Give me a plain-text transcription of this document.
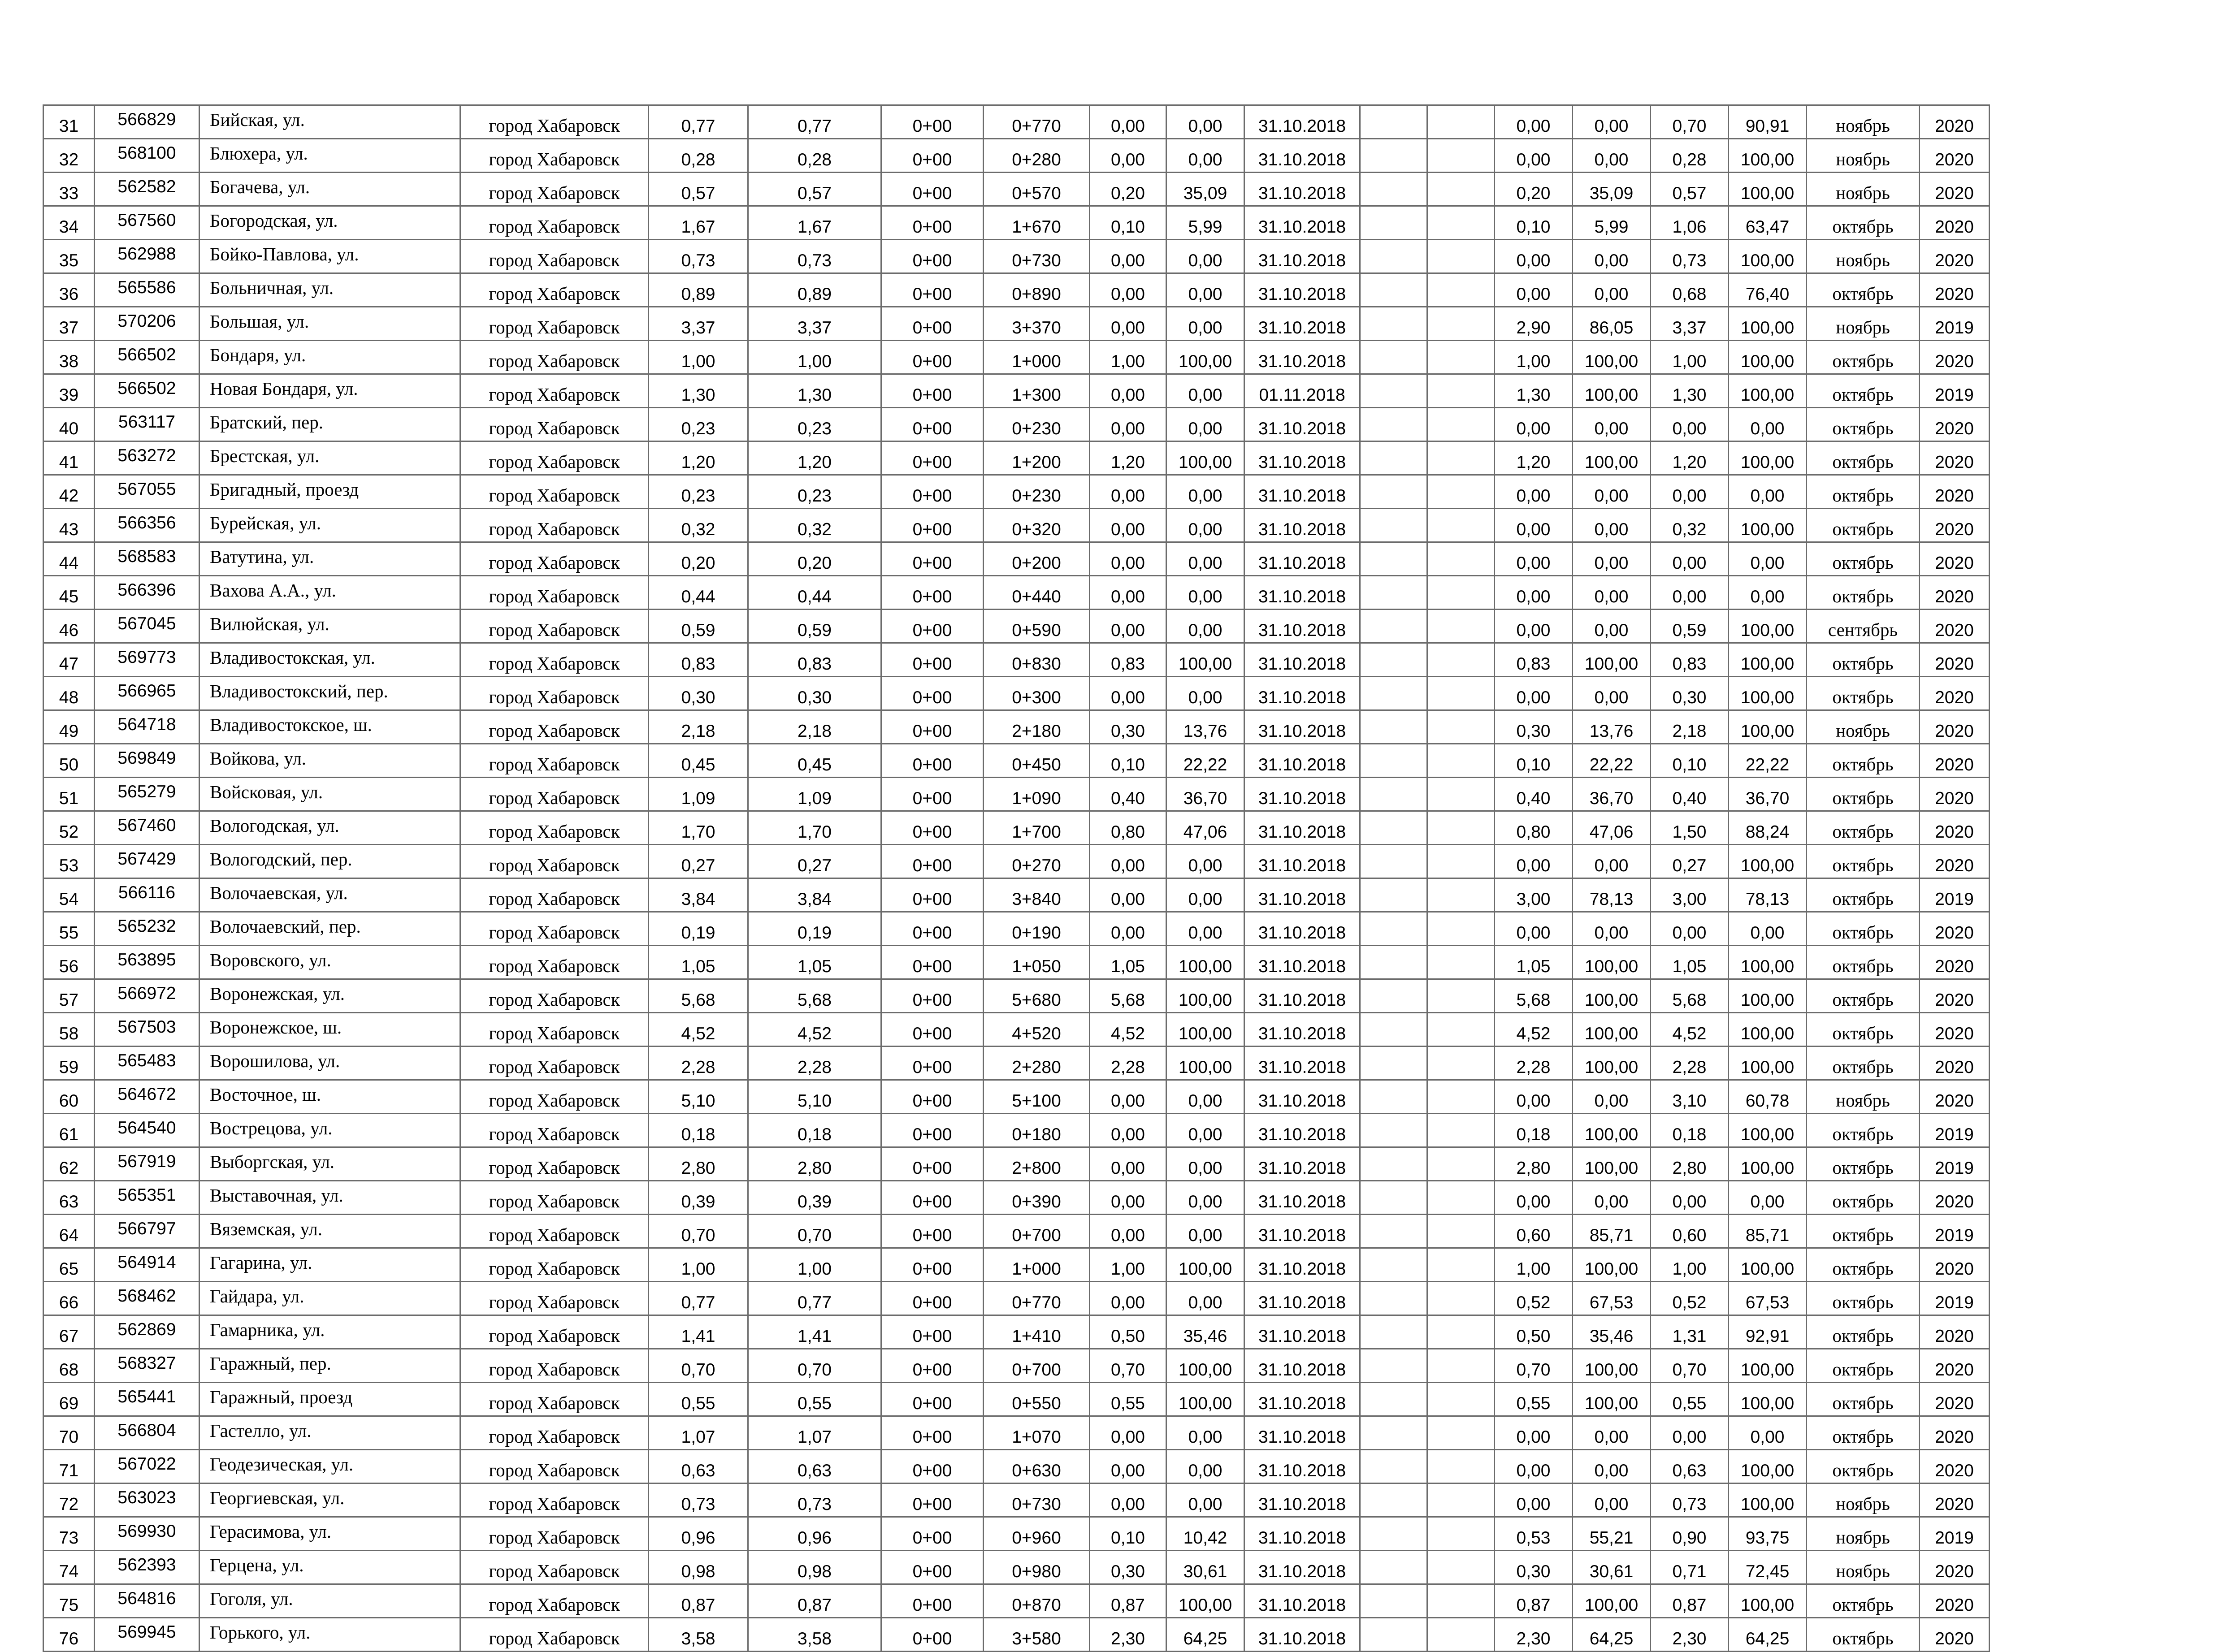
31	566829	Бийская, ул.	город Хабаровск	0,77	0,77	0+00	0+770	0,00	0,00	31.10.2018			0,00	0,00	0,70	90,91	ноябрь	2020
32	568100	Блюхера, ул.	город Хабаровск	0,28	0,28	0+00	0+280	0,00	0,00	31.10.2018			0,00	0,00	0,28	100,00	ноябрь	2020
33	562582	Богачева, ул.	город Хабаровск	0,57	0,57	0+00	0+570	0,20	35,09	31.10.2018			0,20	35,09	0,57	100,00	ноябрь	2020
34	567560	Богородская, ул.	город Хабаровск	1,67	1,67	0+00	1+670	0,10	5,99	31.10.2018			0,10	5,99	1,06	63,47	октябрь	2020
35	562988	Бойко-Павлова, ул.	город Хабаровск	0,73	0,73	0+00	0+730	0,00	0,00	31.10.2018			0,00	0,00	0,73	100,00	ноябрь	2020
36	565586	Больничная, ул.	город Хабаровск	0,89	0,89	0+00	0+890	0,00	0,00	31.10.2018			0,00	0,00	0,68	76,40	октябрь	2020
37	570206	Большая, ул.	город Хабаровск	3,37	3,37	0+00	3+370	0,00	0,00	31.10.2018			2,90	86,05	3,37	100,00	ноябрь	2019
38	566502	Бондаря, ул.	город Хабаровск	1,00	1,00	0+00	1+000	1,00	100,00	31.10.2018			1,00	100,00	1,00	100,00	октябрь	2020
39	566502	Новая Бондаря, ул.	город Хабаровск	1,30	1,30	0+00	1+300	0,00	0,00	01.11.2018			1,30	100,00	1,30	100,00	октябрь	2019
40	563117	Братский, пер.	город Хабаровск	0,23	0,23	0+00	0+230	0,00	0,00	31.10.2018			0,00	0,00	0,00	0,00	октябрь	2020
41	563272	Брестская, ул.	город Хабаровск	1,20	1,20	0+00	1+200	1,20	100,00	31.10.2018			1,20	100,00	1,20	100,00	октябрь	2020
42	567055	Бригадный, проезд	город Хабаровск	0,23	0,23	0+00	0+230	0,00	0,00	31.10.2018			0,00	0,00	0,00	0,00	октябрь	2020
43	566356	Бурейская, ул.	город Хабаровск	0,32	0,32	0+00	0+320	0,00	0,00	31.10.2018			0,00	0,00	0,32	100,00	октябрь	2020
44	568583	Ватутина, ул.	город Хабаровск	0,20	0,20	0+00	0+200	0,00	0,00	31.10.2018			0,00	0,00	0,00	0,00	октябрь	2020
45	566396	Вахова А.А., ул.	город Хабаровск	0,44	0,44	0+00	0+440	0,00	0,00	31.10.2018			0,00	0,00	0,00	0,00	октябрь	2020
46	567045	Вилюйская, ул.	город Хабаровск	0,59	0,59	0+00	0+590	0,00	0,00	31.10.2018			0,00	0,00	0,59	100,00	сентябрь	2020
47	569773	Владивостокская, ул.	город Хабаровск	0,83	0,83	0+00	0+830	0,83	100,00	31.10.2018			0,83	100,00	0,83	100,00	октябрь	2020
48	566965	Владивостокский, пер.	город Хабаровск	0,30	0,30	0+00	0+300	0,00	0,00	31.10.2018			0,00	0,00	0,30	100,00	октябрь	2020
49	564718	Владивостокское, ш.	город Хабаровск	2,18	2,18	0+00	2+180	0,30	13,76	31.10.2018			0,30	13,76	2,18	100,00	ноябрь	2020
50	569849	Войкова, ул.	город Хабаровск	0,45	0,45	0+00	0+450	0,10	22,22	31.10.2018			0,10	22,22	0,10	22,22	октябрь	2020
51	565279	Войсковая, ул.	город Хабаровск	1,09	1,09	0+00	1+090	0,40	36,70	31.10.2018			0,40	36,70	0,40	36,70	октябрь	2020
52	567460	Вологодская, ул.	город Хабаровск	1,70	1,70	0+00	1+700	0,80	47,06	31.10.2018			0,80	47,06	1,50	88,24	октябрь	2020
53	567429	Вологодский, пер.	город Хабаровск	0,27	0,27	0+00	0+270	0,00	0,00	31.10.2018			0,00	0,00	0,27	100,00	октябрь	2020
54	566116	Волочаевская, ул.	город Хабаровск	3,84	3,84	0+00	3+840	0,00	0,00	31.10.2018			3,00	78,13	3,00	78,13	октябрь	2019
55	565232	Волочаевский, пер.	город Хабаровск	0,19	0,19	0+00	0+190	0,00	0,00	31.10.2018			0,00	0,00	0,00	0,00	октябрь	2020
56	563895	Воровского, ул.	город Хабаровск	1,05	1,05	0+00	1+050	1,05	100,00	31.10.2018			1,05	100,00	1,05	100,00	октябрь	2020
57	566972	Воронежская, ул.	город Хабаровск	5,68	5,68	0+00	5+680	5,68	100,00	31.10.2018			5,68	100,00	5,68	100,00	октябрь	2020
58	567503	Воронежское, ш.	город Хабаровск	4,52	4,52	0+00	4+520	4,52	100,00	31.10.2018			4,52	100,00	4,52	100,00	октябрь	2020
59	565483	Ворошилова, ул.	город Хабаровск	2,28	2,28	0+00	2+280	2,28	100,00	31.10.2018			2,28	100,00	2,28	100,00	октябрь	2020
60	564672	Восточное, ш.	город Хабаровск	5,10	5,10	0+00	5+100	0,00	0,00	31.10.2018			0,00	0,00	3,10	60,78	ноябрь	2020
61	564540	Вострецова, ул.	город Хабаровск	0,18	0,18	0+00	0+180	0,00	0,00	31.10.2018			0,18	100,00	0,18	100,00	октябрь	2019
62	567919	Выборгская, ул.	город Хабаровск	2,80	2,80	0+00	2+800	0,00	0,00	31.10.2018			2,80	100,00	2,80	100,00	октябрь	2019
63	565351	Выставочная, ул.	город Хабаровск	0,39	0,39	0+00	0+390	0,00	0,00	31.10.2018			0,00	0,00	0,00	0,00	октябрь	2020
64	566797	Вяземская, ул.	город Хабаровск	0,70	0,70	0+00	0+700	0,00	0,00	31.10.2018			0,60	85,71	0,60	85,71	октябрь	2019
65	564914	Гагарина, ул.	город Хабаровск	1,00	1,00	0+00	1+000	1,00	100,00	31.10.2018			1,00	100,00	1,00	100,00	октябрь	2020
66	568462	Гайдара, ул.	город Хабаровск	0,77	0,77	0+00	0+770	0,00	0,00	31.10.2018			0,52	67,53	0,52	67,53	октябрь	2019
67	562869	Гамарника, ул.	город Хабаровск	1,41	1,41	0+00	1+410	0,50	35,46	31.10.2018			0,50	35,46	1,31	92,91	октябрь	2020
68	568327	Гаражный, пер.	город Хабаровск	0,70	0,70	0+00	0+700	0,70	100,00	31.10.2018			0,70	100,00	0,70	100,00	октябрь	2020
69	565441	Гаражный, проезд	город Хабаровск	0,55	0,55	0+00	0+550	0,55	100,00	31.10.2018			0,55	100,00	0,55	100,00	октябрь	2020
70	566804	Гастелло, ул.	город Хабаровск	1,07	1,07	0+00	1+070	0,00	0,00	31.10.2018			0,00	0,00	0,00	0,00	октябрь	2020
71	567022	Геодезическая, ул.	город Хабаровск	0,63	0,63	0+00	0+630	0,00	0,00	31.10.2018			0,00	0,00	0,63	100,00	октябрь	2020
72	563023	Георгиевская, ул.	город Хабаровск	0,73	0,73	0+00	0+730	0,00	0,00	31.10.2018			0,00	0,00	0,73	100,00	ноябрь	2020
73	569930	Герасимова, ул.	город Хабаровск	0,96	0,96	0+00	0+960	0,10	10,42	31.10.2018			0,53	55,21	0,90	93,75	ноябрь	2019
74	562393	Герцена, ул.	город Хабаровск	0,98	0,98	0+00	0+980	0,30	30,61	31.10.2018			0,30	30,61	0,71	72,45	ноябрь	2020
75	564816	Гоголя, ул.	город Хабаровск	0,87	0,87	0+00	0+870	0,87	100,00	31.10.2018			0,87	100,00	0,87	100,00	октябрь	2020
76	569945	Горького, ул.	город Хабаровск	3,58	3,58	0+00	3+580	2,30	64,25	31.10.2018			2,30	64,25	2,30	64,25	октябрь	2020
